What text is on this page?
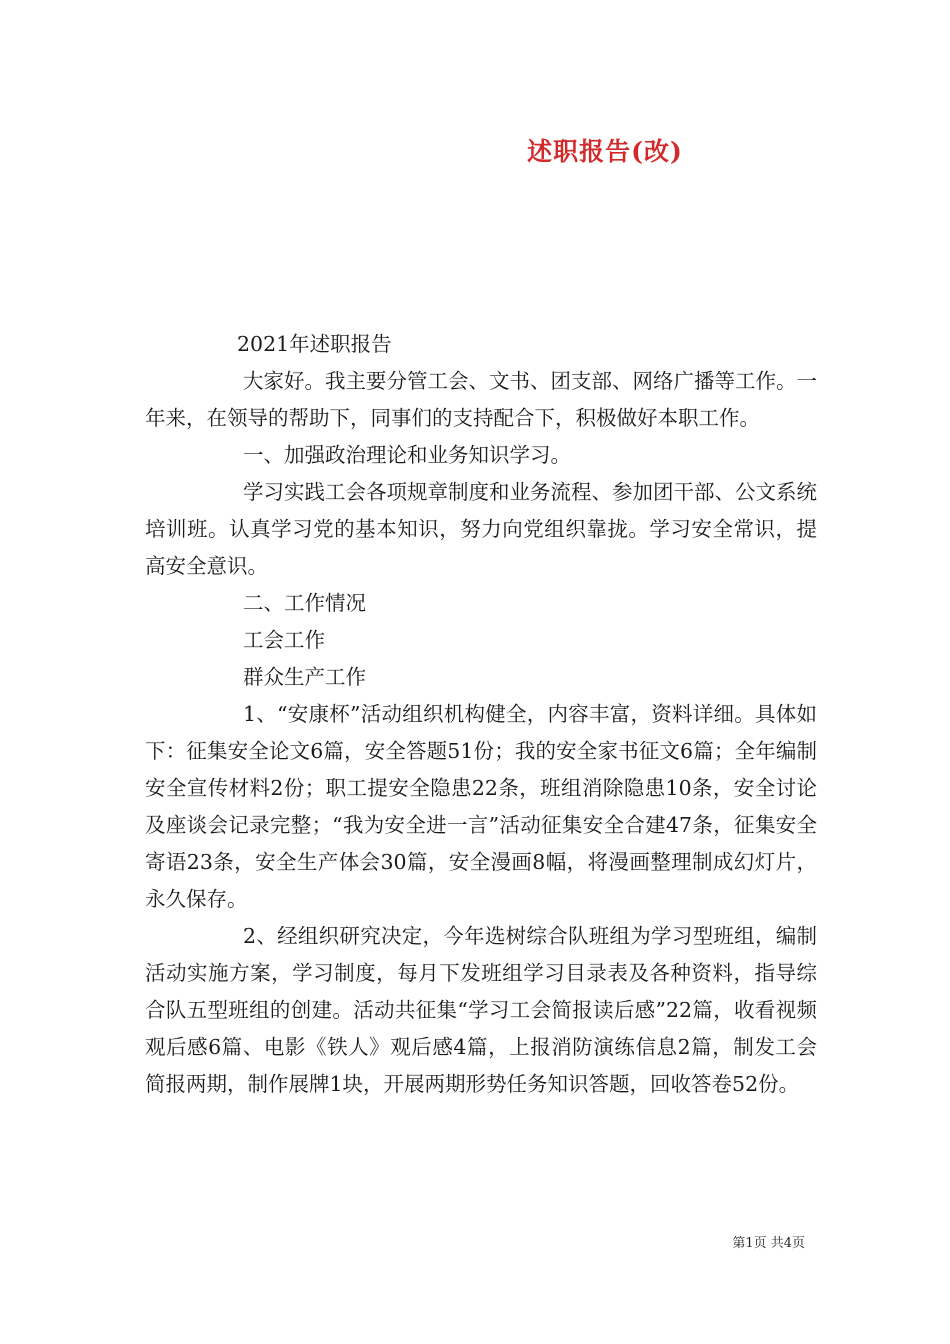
述职报告(改)

2021年述职报告

大家好。我主要分管工会、文书、团支部、网络广播等工作。一年来，在领导的帮助下，同事们的支持配合下，积极做好本职工作。

一、加强政治理论和业务知识学习。

学习实践工会各项规章制度和业务流程、参加团干部、公文系统培训班。认真学习党的基本知识，努力向党组织靠拢。学习安全常识，提高安全意识。

二、工作情况

工会工作

群众生产工作

1、“安康杯”活动组织机构健全，内容丰富，资料详细。具体如下：征集安全论文6篇，安全答题51份；我的安全家书征文6篇；全年编制安全宣传材料2份；职工提安全隐患22条，班组消除隐患10条，安全讨论及座谈会记录完整；“我为安全进一言”活动征集安全合建47条，征集安全寄语23条，安全生产体会30篇，安全漫画8幅，将漫画整理制成幻灯片，永久保存。

2、经组织研究决定，今年选树综合队班组为学习型班组，编制活动实施方案，学习制度，每月下发班组学习目录表及各种资料，指导综合队五型班组的创建。活动共征集“学习工会简报读后感”22篇，收看视频观后感6篇、电影《铁人》观后感4篇，上报消防演练信息2篇，制发工会简报两期，制作展牌1块，开展两期形势任务知识答题，回收答卷52份。

第1页 共4页
